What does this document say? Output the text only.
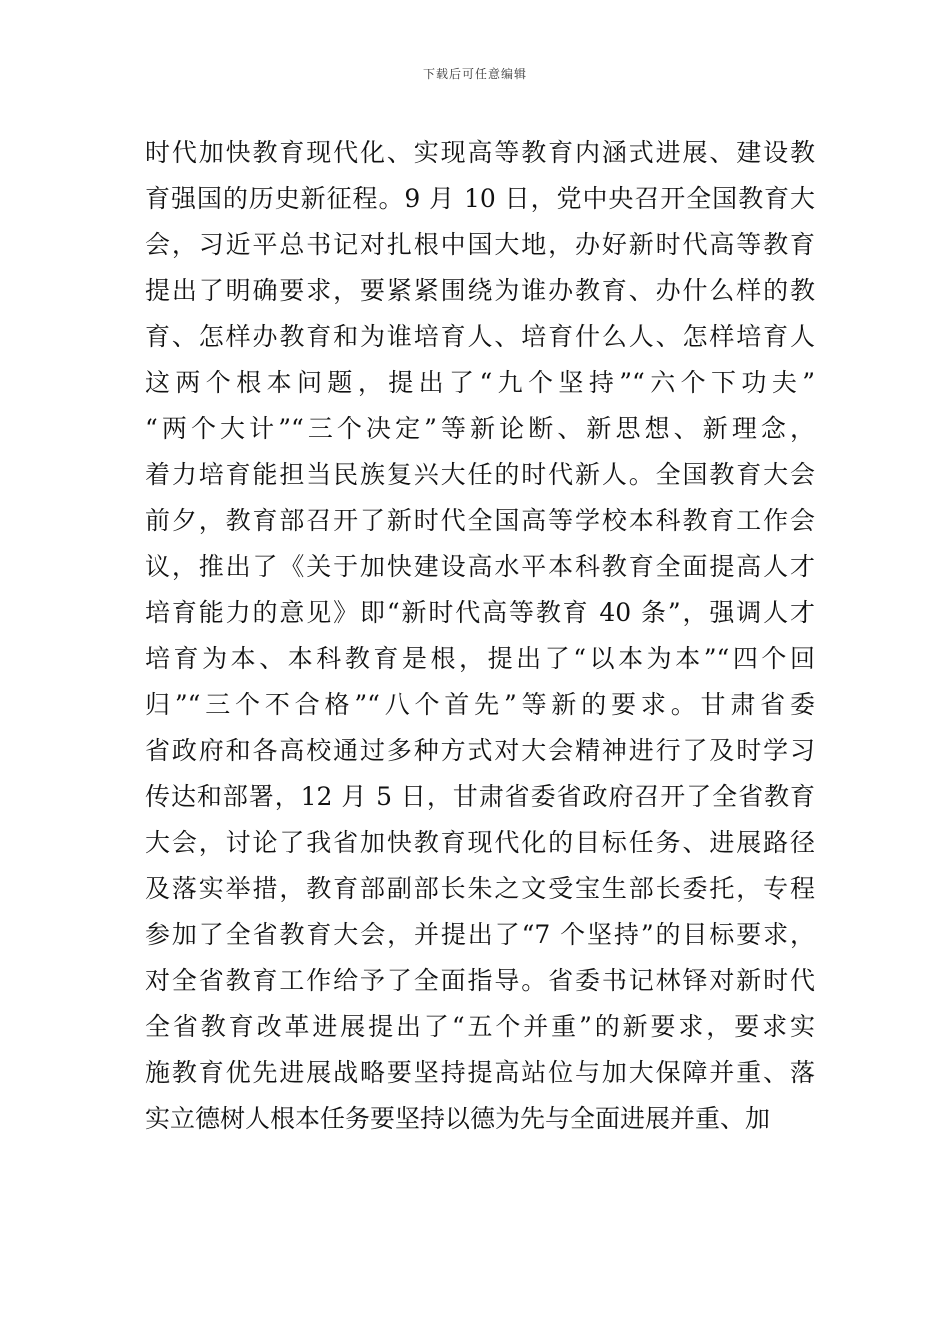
下载后可任意编辑
时代加快教育现代化、实现高等教育内涵式进展、建设教
育强国的历史新征程。9 月 10 日，党中央召开全国教育大
会，习近平总书记对扎根中国大地，办好新时代高等教育
提出了明确要求，要紧紧围绕为谁办教育、办什么样的教
育、怎样办教育和为谁培育人、培育什么人、怎样培育人
这两个根本问题，提出了“九个坚持”“六个下功夫”
“两个大计”“三个决定”等新论断、新思想、新理念，
着力培育能担当民族复兴大任的时代新人。全国教育大会
前夕，教育部召开了新时代全国高等学校本科教育工作会
议，推出了《关于加快建设高水平本科教育全面提高人才
培育能力的意见》即“新时代高等教育 40 条”，强调人才
培育为本、本科教育是根，提出了“以本为本”“四个回
归”“三个不合格”“八个首先”等新的要求。甘肃省委
省政府和各高校通过多种方式对大会精神进行了及时学习
传达和部署，12 月 5 日，甘肃省委省政府召开了全省教育
大会，讨论了我省加快教育现代化的目标任务、进展路径
及落实举措，教育部副部长朱之文受宝生部长委托，专程
参加了全省教育大会，并提出了“7 个坚持”的目标要求，
对全省教育工作给予了全面指导。省委书记林铎对新时代
全省教育改革进展提出了“五个并重”的新要求，要求实
施教育优先进展战略要坚持提高站位与加大保障并重、落
实立德树人根本任务要坚持以德为先与全面进展并重、加
